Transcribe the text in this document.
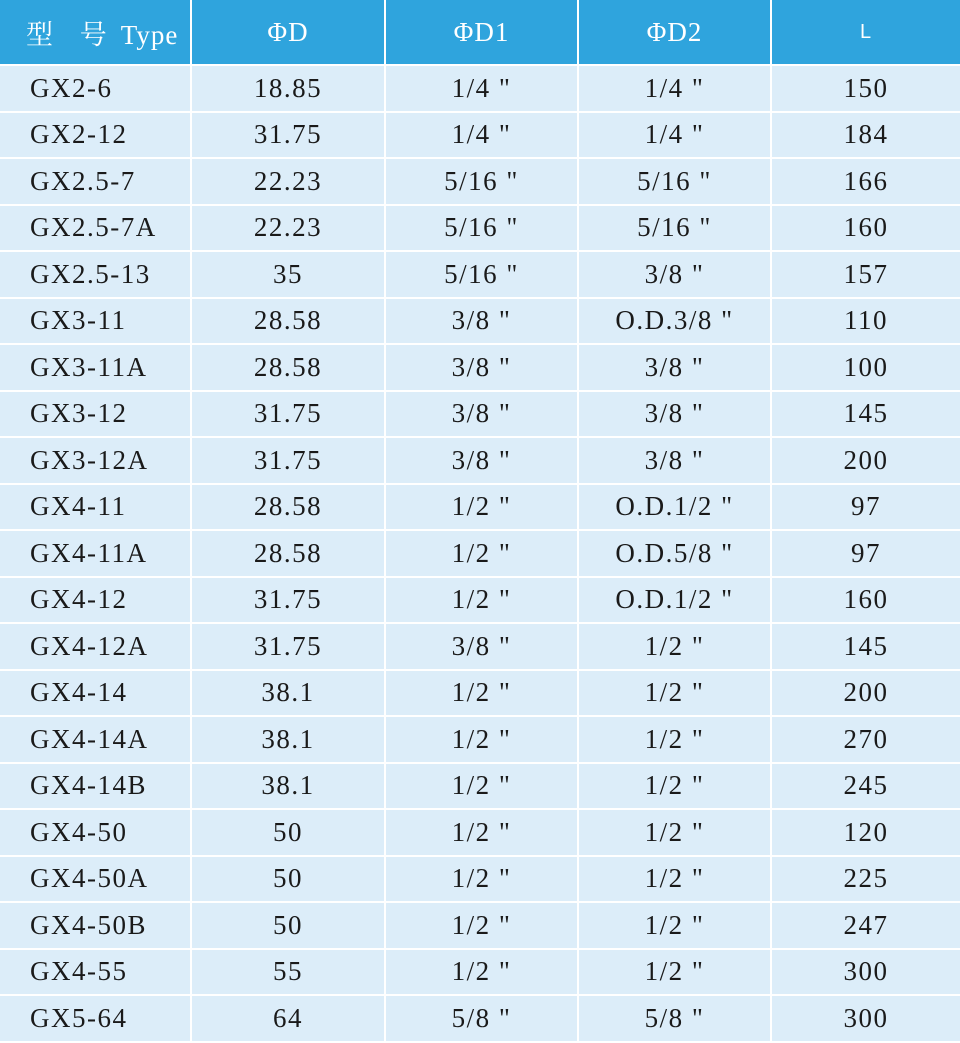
型 号 Type	ΦD	ΦD1	ΦD2	L
GX2-6	18.85	1/4 "	1/4 "	150
GX2-12	31.75	1/4 "	1/4 "	184
GX2.5-7	22.23	5/16 "	5/16 "	166
GX2.5-7A	22.23	5/16 "	5/16 "	160
GX2.5-13	35	5/16 "	3/8 "	157
GX3-11	28.58	3/8 "	O.D.3/8 "	110
GX3-11A	28.58	3/8 "	3/8 "	100
GX3-12	31.75	3/8 "	3/8 "	145
GX3-12A	31.75	3/8 "	3/8 "	200
GX4-11	28.58	1/2 "	O.D.1/2 "	97
GX4-11A	28.58	1/2 "	O.D.5/8 "	97
GX4-12	31.75	1/2 "	O.D.1/2 "	160
GX4-12A	31.75	3/8 "	1/2 "	145
GX4-14	38.1	1/2 "	1/2 "	200
GX4-14A	38.1	1/2 "	1/2 "	270
GX4-14B	38.1	1/2 "	1/2 "	245
GX4-50	50	1/2 "	1/2 "	120
GX4-50A	50	1/2 "	1/2 "	225
GX4-50B	50	1/2 "	1/2 "	247
GX4-55	55	1/2 "	1/2 "	300
GX5-64	64	5/8 "	5/8 "	300
